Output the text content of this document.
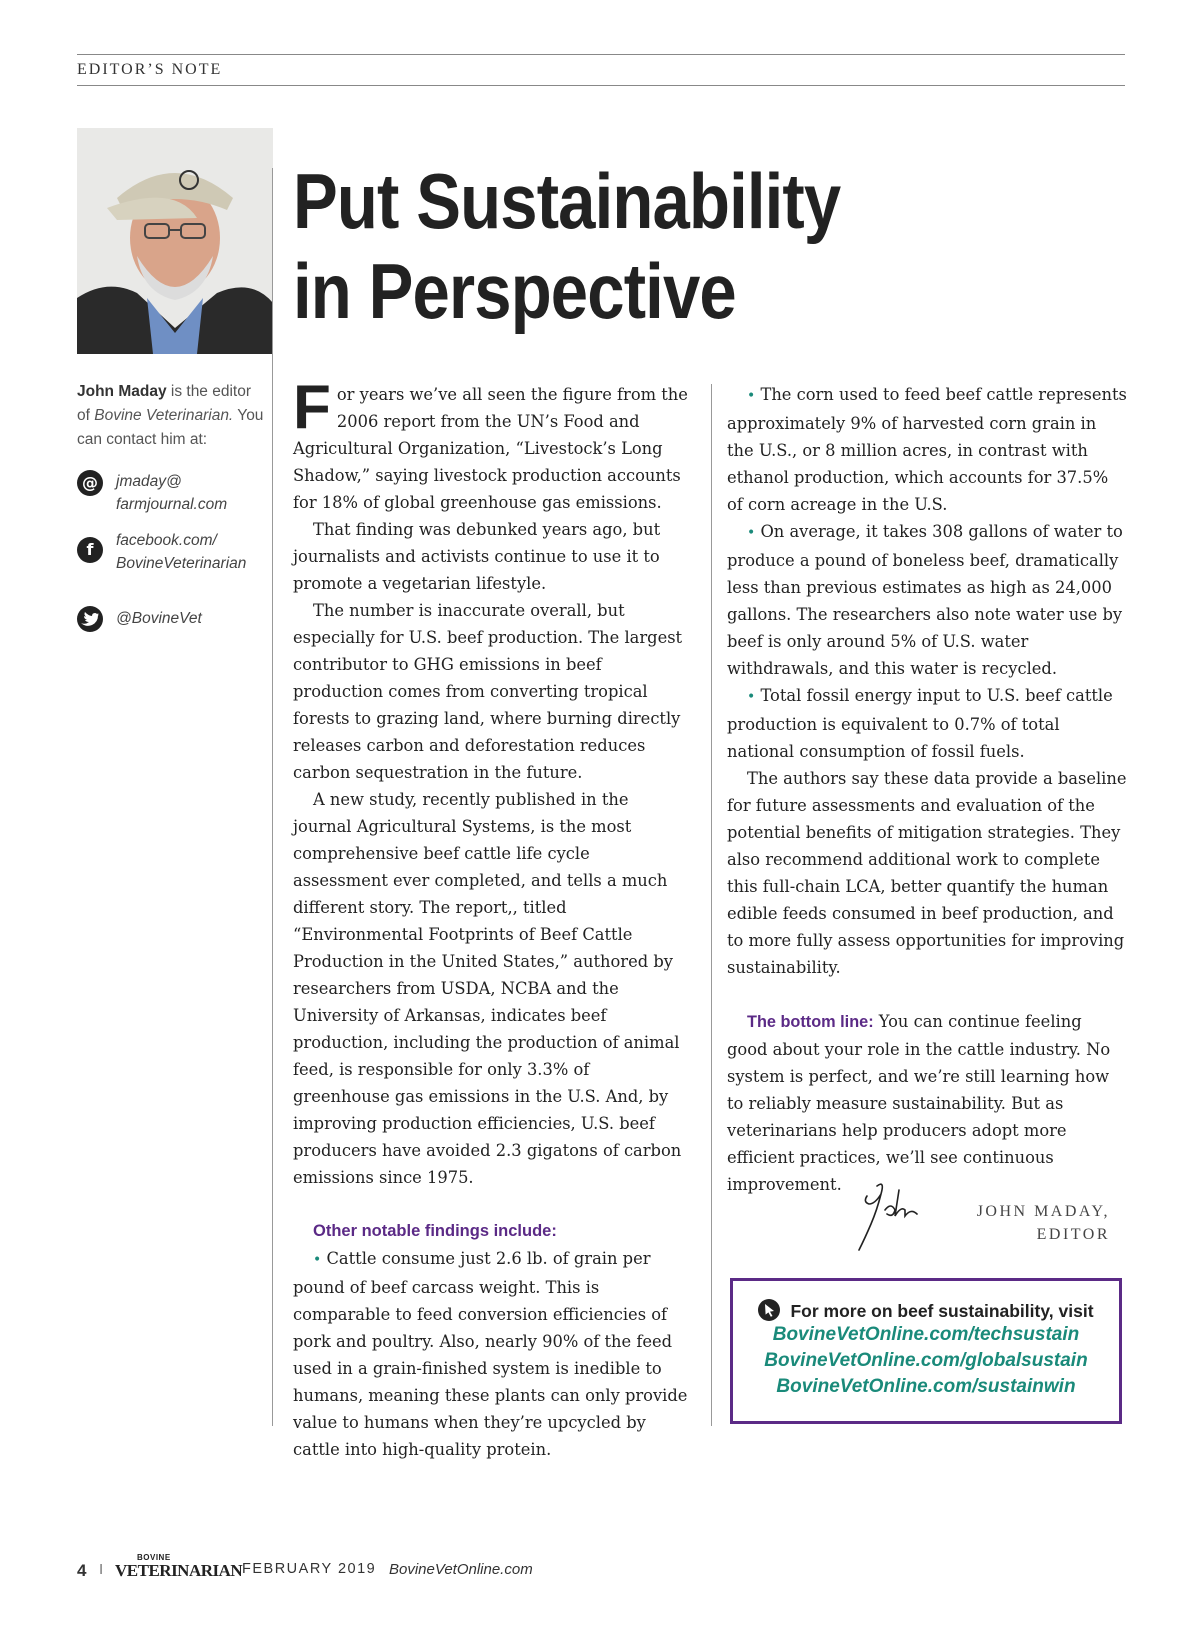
EDITOR’S NOTE
Put Sustainability
in Perspective
John Maday is the editor of Bovine Veterinarian. You can contact him at:
@	jmaday@
farmjournal.com
f	facebook.com/
BovineVeterinarian
@BovineVet

For years we’ve all seen the figure from the 2006 report from the UN’s Food and Agricultural Organization, “Livestock’s Long Shadow,” saying livestock production accounts for 18% of global greenhouse gas emissions.

That finding was debunked years ago, but journalists and activists continue to use it to promote a vegetarian lifestyle.

The number is inaccurate overall, but especially for U.S. beef production. The largest contributor to GHG emissions in beef production comes from converting tropical forests to grazing land, where burning directly releases carbon and deforestation reduces carbon sequestration in the future.

A new study, recently published in the journal Agricultural Systems, is the most comprehensive beef cattle life cycle assessment ever completed, and tells a much different story. The report,, titled “Environmental Footprints of Beef Cattle Production in the United States,” authored by researchers from USDA, NCBA and the University of Arkansas, indicates beef production, including the production of animal feed, is responsible for only 3.3% of greenhouse gas emissions in the U.S. And, by improving production efficiencies, U.S. beef producers have avoided 2.3 gigatons of carbon emissions since 1975.

Other notable findings include:

• Cattle consume just 2.6 lb. of grain per pound of beef carcass weight. This is comparable to feed conversion efficiencies of pork and poultry. Also, nearly 90% of the feed used in a grain-finished system is inedible to humans, meaning these plants can only provide value to humans when they’re upcycled by cattle into high-quality protein.

• The corn used to feed beef cattle represents approximately 9% of harvested corn grain in the U.S., or 8 million acres, in contrast with ethanol production, which accounts for 37.5% of corn acreage in the U.S.

• On average, it takes 308 gallons of water to produce a pound of boneless beef, dramatically less than previous estimates as high as 24,000 gallons. The researchers also note water use by beef is only around 5% of U.S. water withdrawals, and this water is recycled.

• Total fossil energy input to U.S. beef cattle production is equivalent to 0.7% of total national consumption of fossil fuels.

The authors say these data provide a baseline for future assessments and evaluation of the potential benefits of mitigation strategies. They also recommend additional work to complete this full-chain LCA, better quantify the human edible feeds consumed in beef production, and to more fully assess opportunities for improving sustainability.

The bottom line: You can continue feeling good about your role in the cattle industry. No system is perfect, and we’re still learning how to reliably measure sustainability. But as veterinarians help producers adopt more efficient practices, we’ll see continuous improvement.

JOHN MADAY,
EDITOR
For more on beef sustainability, visit
BovineVetOnline.com/techsustain
BovineVetOnline.com/globalsustain
BovineVetOnline.com/sustainwin
4 I
BOVINE
VETERINARIAN FEBRUARY 2019 BovineVetOnline.com
